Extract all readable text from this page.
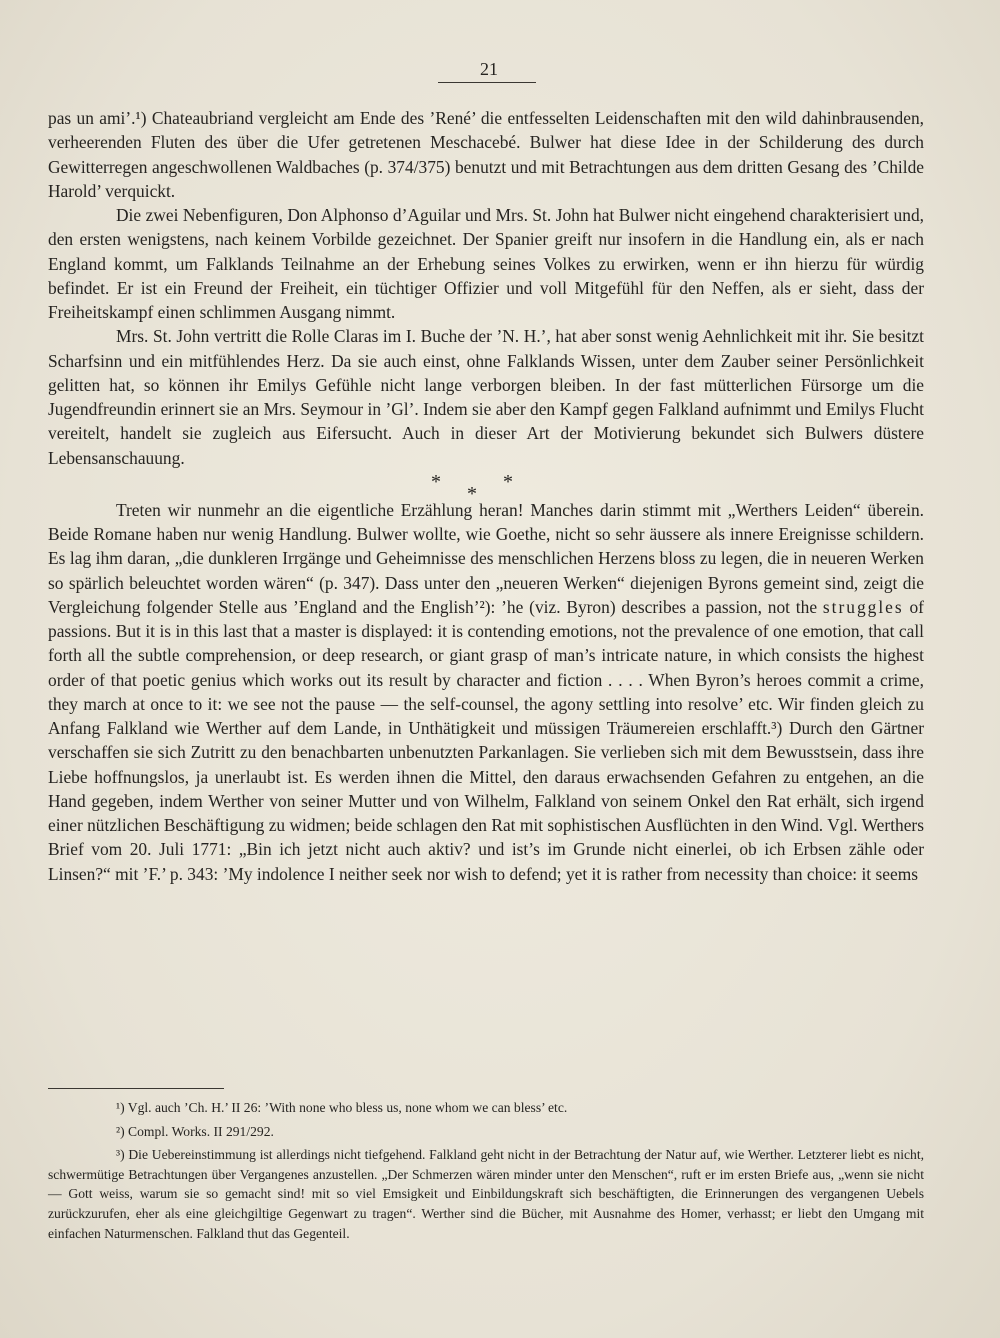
21

pas un ami’.¹) Chateaubriand vergleicht am Ende des ’René’ die entfesselten Leidenschaften mit den wild dahinbrausenden, verheerenden Fluten des über die Ufer getretenen Meschacebé. Bulwer hat diese Idee in der Schilderung des durch Gewitterregen angeschwollenen Waldbaches (p. 374/375) benutzt und mit Betrachtungen aus dem dritten Gesang des ’Childe Harold’ verquickt.

Die zwei Nebenfiguren, Don Alphonso d’Aguilar und Mrs. St. John hat Bulwer nicht eingehend charakterisiert und, den ersten wenigstens, nach keinem Vorbilde gezeichnet. Der Spanier greift nur insofern in die Handlung ein, als er nach England kommt, um Falklands Teilnahme an der Erhebung seines Volkes zu erwirken, wenn er ihn hierzu für würdig befindet. Er ist ein Freund der Freiheit, ein tüchtiger Offizier und voll Mitgefühl für den Neffen, als er sieht, dass der Freiheitskampf einen schlimmen Ausgang nimmt.

Mrs. St. John vertritt die Rolle Claras im I. Buche der ’N. H.’, hat aber sonst wenig Aehnlichkeit mit ihr. Sie besitzt Scharfsinn und ein mitfühlendes Herz. Da sie auch einst, ohne Falklands Wissen, unter dem Zauber seiner Persönlichkeit gelitten hat, so können ihr Emilys Gefühle nicht lange verborgen bleiben. In der fast mütterlichen Fürsorge um die Jugendfreundin erinnert sie an Mrs. Seymour in ’Gl’. Indem sie aber den Kampf gegen Falkland aufnimmt und Emilys Flucht vereitelt, handelt sie zugleich aus Eifersucht. Auch in dieser Art der Motivierung bekundet sich Bulwers düstere Lebensanschauung.

*	*
*

Treten wir nunmehr an die eigentliche Erzählung heran! Manches darin stimmt mit „Werthers Leiden“ überein. Beide Romane haben nur wenig Handlung. Bulwer wollte, wie Goethe, nicht so sehr äussere als innere Ereignisse schildern. Es lag ihm daran, „die dunkleren Irrgänge und Geheimnisse des menschlichen Herzens bloss zu legen, die in neueren Werken so spärlich beleuchtet worden wären“ (p. 347). Dass unter den „neueren Werken“ diejenigen Byrons gemeint sind, zeigt die Vergleichung folgender Stelle aus ’England and the English’²): ’he (viz. Byron) describes a passion, not the struggles of passions. But it is in this last that a master is displayed: it is contending emotions, not the prevalence of one emotion, that call forth all the subtle comprehension, or deep research, or giant grasp of man’s intricate nature, in which consists the highest order of that poetic genius which works out its result by character and fiction . . . . When Byron’s heroes commit a crime, they march at once to it: we see not the pause — the self-counsel, the agony settling into resolve’ etc. Wir finden gleich zu Anfang Falkland wie Werther auf dem Lande, in Unthätigkeit und müssigen Träumereien erschlafft.³) Durch den Gärtner verschaffen sie sich Zutritt zu den benachbarten unbenutzten Parkanlagen. Sie verlieben sich mit dem Bewusstsein, dass ihre Liebe hoffnungslos, ja unerlaubt ist. Es werden ihnen die Mittel, den daraus erwachsenden Gefahren zu entgehen, an die Hand gegeben, indem Werther von seiner Mutter und von Wilhelm, Falkland von seinem Onkel den Rat erhält, sich irgend einer nützlichen Beschäftigung zu widmen; beide schlagen den Rat mit sophistischen Ausflüchten in den Wind. Vgl. Werthers Brief vom 20. Juli 1771: „Bin ich jetzt nicht auch aktiv? und ist’s im Grunde nicht einerlei, ob ich Erbsen zähle oder Linsen?“ mit ’F.’ p. 343: ’My indolence I neither seek nor wish to defend; yet it is rather from necessity than choice: it seems

¹) Vgl. auch ’Ch. H.’ II 26: ’With none who bless us, none whom we can bless’ etc.

²) Compl. Works. II 291/292.

³) Die Uebereinstimmung ist allerdings nicht tiefgehend. Falkland geht nicht in der Betrachtung der Natur auf, wie Werther. Letzterer liebt es nicht, schwermütige Betrachtungen über Vergangenes anzustellen. „Der Schmerzen wären minder unter den Menschen“, ruft er im ersten Briefe aus, „wenn sie nicht — Gott weiss, warum sie so gemacht sind! mit so viel Emsigkeit und Einbildungskraft sich beschäftigten, die Erinnerungen des vergangenen Uebels zurückzurufen, eher als eine gleichgiltige Gegenwart zu tragen“. Werther sind die Bücher, mit Ausnahme des Homer, verhasst; er liebt den Umgang mit einfachen Naturmenschen. Falkland thut das Gegenteil.
